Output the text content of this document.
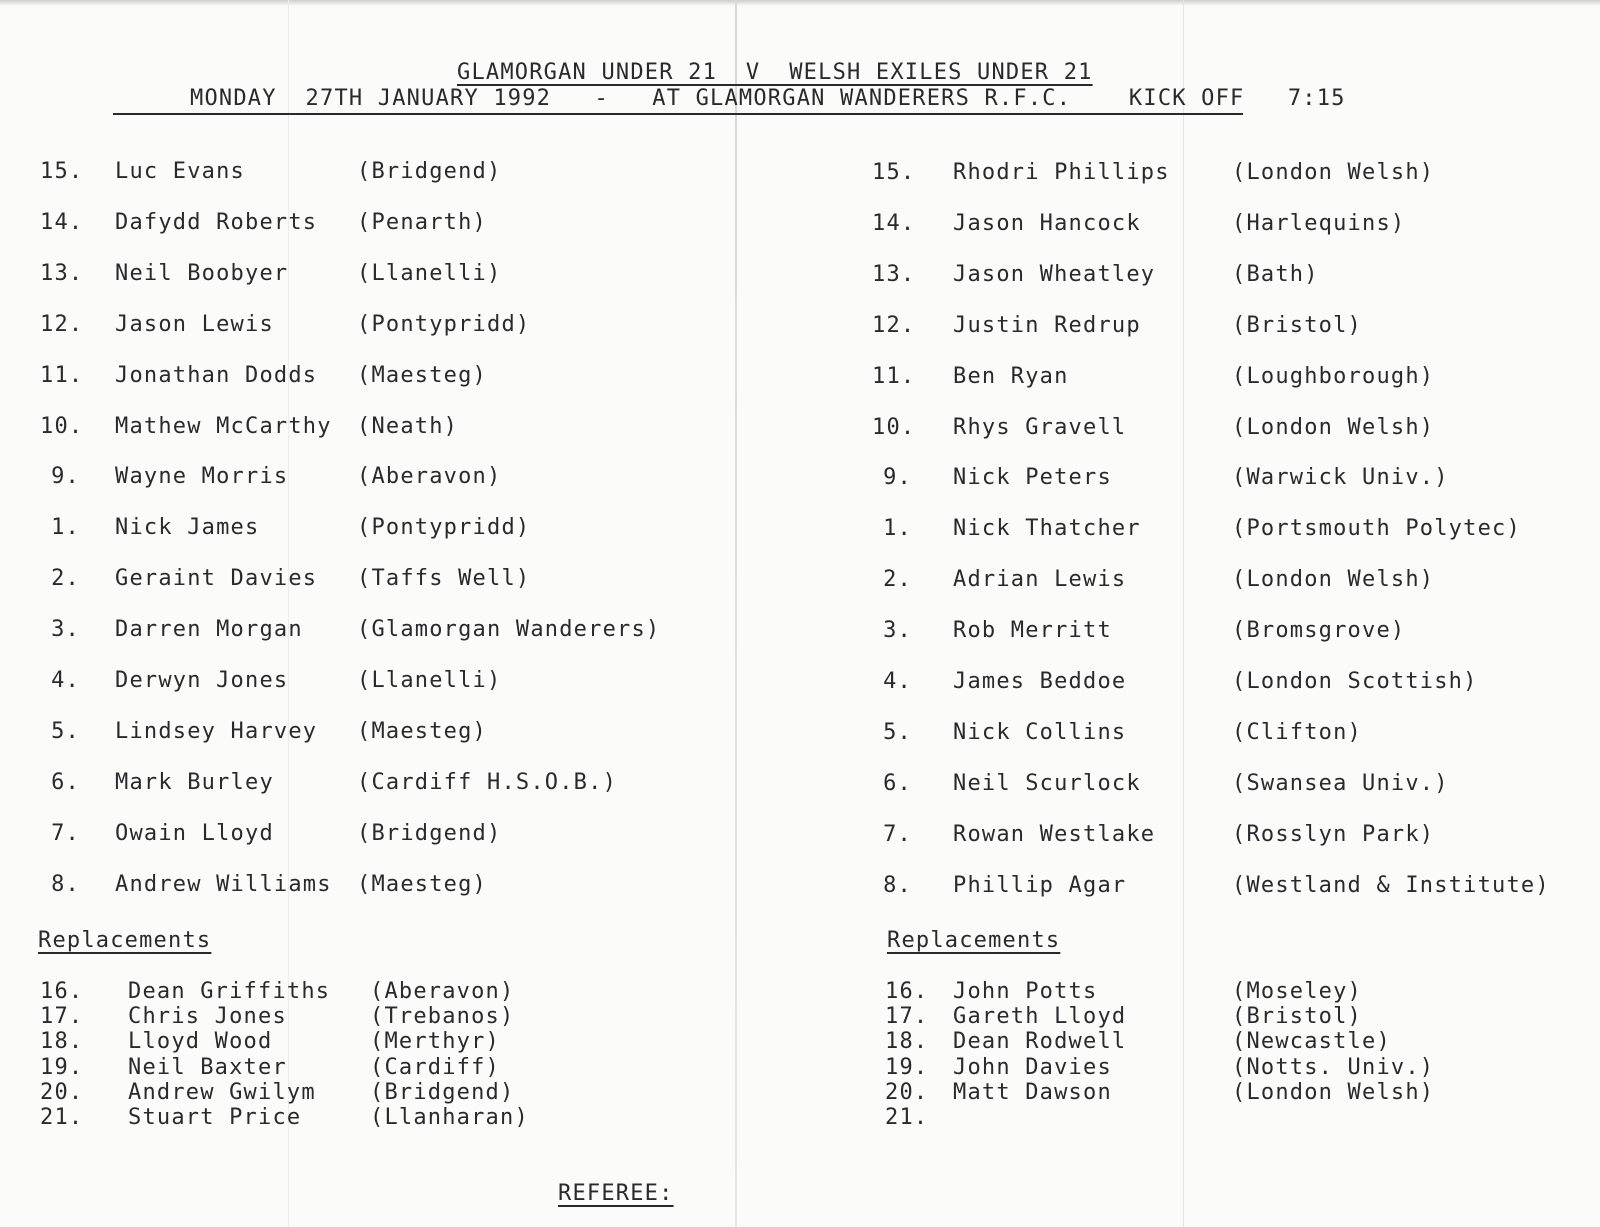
GLAMORGAN UNDER 21  V  WELSH EXILES UNDER 21
MONDAY  27TH JANUARY 1992   -   AT GLAMORGAN WANDERERS R.F.C.    KICK OFF   7:15
15. Luc Evans	(Bridgend)
14. Dafydd Roberts (Penarth)
13. Neil Boobyer	(Llanelli)
12. Jason Lewis	(Pontypridd)
11. Jonathan Dodds (Maesteg)
10. Mathew McCarthy (Neath)
9. Wayne Morris	(Aberavon)
1. Nick James	(Pontypridd)
2. Geraint Davies (Taffs Well)
3. Darren Morgan (Glamorgan Wanderers)
4. Derwyn Jones	(Llanelli)
5. Lindsey Harvey (Maesteg)
6. Mark Burley	(Cardiff H.S.O.B.)
7. Owain Lloyd	(Bridgend)
8. Andrew Williams (Maesteg)
Replacements
16. Dean Griffiths (Aberavon)
17. Chris Jones	(Trebanos)
18. Lloyd Wood	(Merthyr)
19. Neil Baxter	(Cardiff)
20. Andrew Gwilym (Bridgend)
21. Stuart Price	(Llanharan)
15. Rhodri Phillips	(London Welsh)
14. Jason Hancock	(Harlequins)
13. Jason Wheatley	(Bath)
12. Justin Redrup	(Bristol)
11. Ben Ryan	(Loughborough)
10. Rhys Gravell	(London Welsh)
9. Nick Peters	(Warwick Univ.)
1. Nick Thatcher	(Portsmouth Polytec)
2. Adrian Lewis	(London Welsh)
3. Rob Merritt	(Bromsgrove)
4. James Beddoe	(London Scottish)
5. Nick Collins	(Clifton)
6. Neil Scurlock	(Swansea Univ.)
7. Rowan Westlake	(Rosslyn Park)
8. Phillip Agar	(Westland & Institute)
Replacements
16. John Potts	(Moseley)
17. Gareth Lloyd	(Bristol)
18. Dean Rodwell	(Newcastle)
19. John Davies	(Notts. Univ.)
20. Matt Dawson	(London Welsh)
21.
REFEREE:
